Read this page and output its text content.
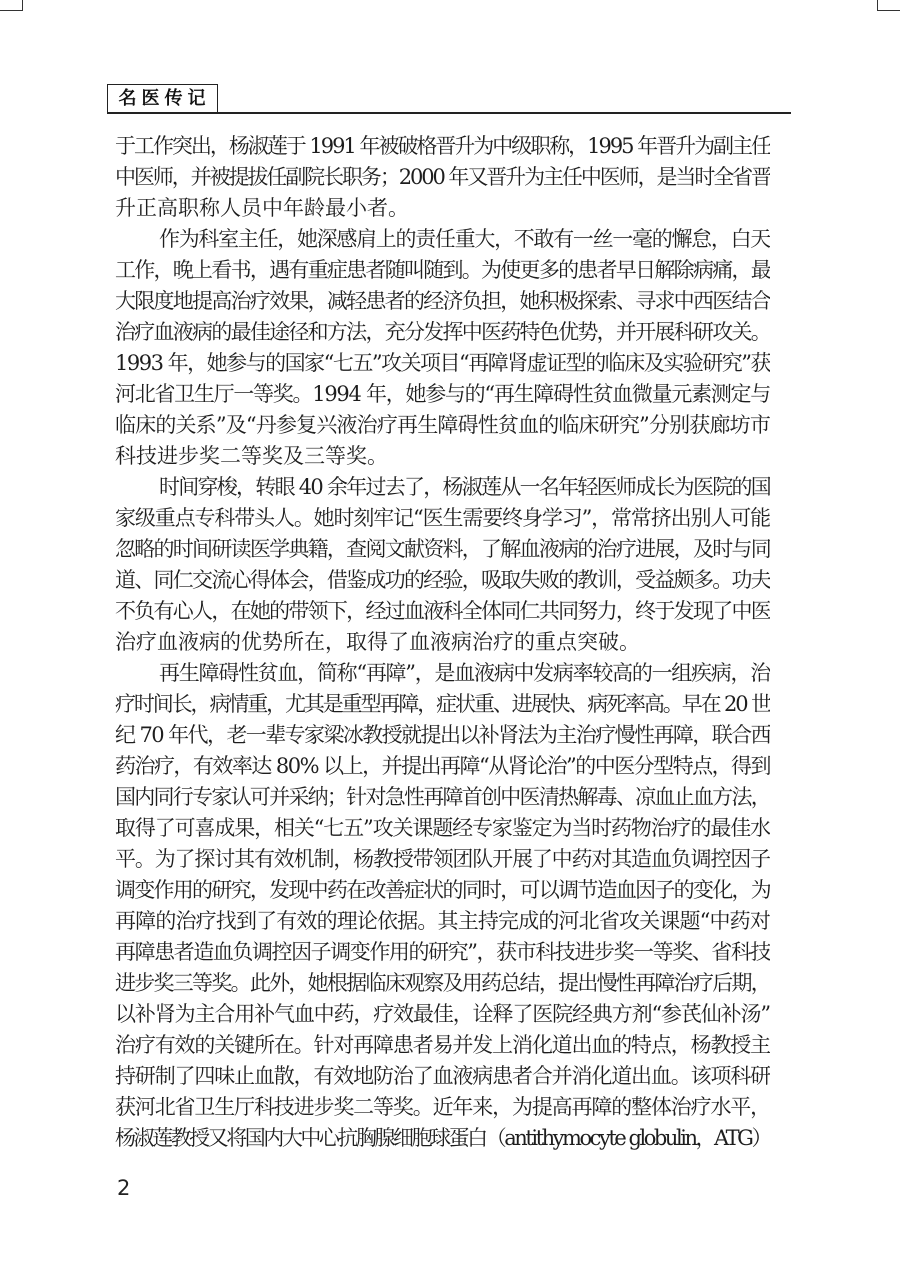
名医传记
于工作突出，杨淑莲于 1991 年被破格晋升为中级职称，1995 年晋升为副主任
中医师，并被提拔任副院长职务；2000 年又晋升为主任中医师，是当时全省晋
升正高职称人员中年龄最小者。
作为科室主任，她深感肩上的责任重大，不敢有一丝一毫的懈怠，白天
工作，晚上看书，遇有重症患者随叫随到。为使更多的患者早日解除病痛，最
大限度地提高治疗效果，减轻患者的经济负担，她积极探索、寻求中西医结合
治疗血液病的最佳途径和方法，充分发挥中医药特色优势，并开展科研攻关。
1993 年，她参与的国家“七五”攻关项目“再障肾虚证型的临床及实验研究”获
河北省卫生厅一等奖。1994 年，她参与的“再生障碍性贫血微量元素测定与
临床的关系”及“丹参复兴液治疗再生障碍性贫血的临床研究”分别获廊坊市
科技进步奖二等奖及三等奖。
时间穿梭，转眼 40 余年过去了，杨淑莲从一名年轻医师成长为医院的国
家级重点专科带头人。她时刻牢记“医生需要终身学习”，常常挤出别人可能
忽略的时间研读医学典籍，查阅文献资料，了解血液病的治疗进展，及时与同
道、同仁交流心得体会，借鉴成功的经验，吸取失败的教训，受益颇多。功夫
不负有心人，在她的带领下，经过血液科全体同仁共同努力，终于发现了中医
治疗血液病的优势所在，取得了血液病治疗的重点突破。
再生障碍性贫血，简称“再障”，是血液病中发病率较高的一组疾病，治
疗时间长，病情重，尤其是重型再障，症状重、进展快、病死率高。早在 20 世
纪 70 年代，老一辈专家梁冰教授就提出以补肾法为主治疗慢性再障，联合西
药治疗，有效率达 80% 以上，并提出再障“从肾论治”的中医分型特点，得到
国内同行专家认可并采纳；针对急性再障首创中医清热解毒、凉血止血方法，
取得了可喜成果，相关“七五”攻关课题经专家鉴定为当时药物治疗的最佳水
平。为了探讨其有效机制，杨教授带领团队开展了中药对其造血负调控因子
调变作用的研究，发现中药在改善症状的同时，可以调节造血因子的变化，为
再障的治疗找到了有效的理论依据。其主持完成的河北省攻关课题“中药对
再障患者造血负调控因子调变作用的研究”，获市科技进步奖一等奖、省科技
进步奖三等奖。此外，她根据临床观察及用药总结，提出慢性再障治疗后期，
以补肾为主合用补气血中药，疗效最佳，诠释了医院经典方剂“参芪仙补汤”
治疗有效的关键所在。针对再障患者易并发上消化道出血的特点，杨教授主
持研制了四味止血散，有效地防治了血液病患者合并消化道出血。该项科研
获河北省卫生厅科技进步奖二等奖。近年来，为提高再障的整体治疗水平，
杨淑莲教授又将国内大中心抗胸腺细胞球蛋白（antithymocyte globulin，ATG）
2
